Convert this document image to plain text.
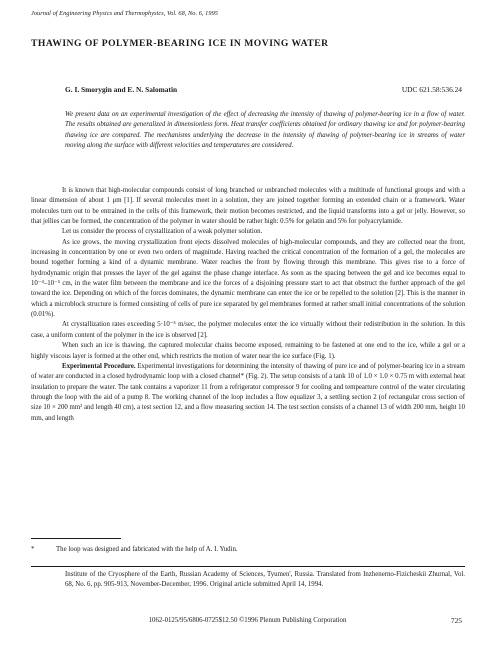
Journal of Engineering Physics and Thermophysics, Vol. 68, No. 6, 1995
THAWING OF POLYMER-BEARING ICE IN MOVING WATER
G. I. Smorygin and E. N. Salomatin	UDC 621.58:536.24
We present data on an experimental investigation of the effect of decreasing the intensity of thawing of polymer-bearing ice in a flow of water. The results obtained are generalized in dimensionless form. Heat transfer coefficients obtained for ordinary thawing ice and for polymer-bearing thawing ice are compared. The mechanisms underlying the decrease in the intensity of thawing of polymer-bearing ice in streams of water moving along the surface with different velocities and temperatures are considered.

It is known that high-molecular compounds consist of long branched or unbranched molecules with a multitude of functional groups and with a linear dimension of about 1 μm [1]. If several molecules meet in a solution, they are joined together forming an extended chain or a framework. Water molecules turn out to be entrained in the cells of this framework, their motion becomes restricted, and the liquid transforms into a gel or jelly. However, so that jellies can be formed, the concentration of the polymer in water should be rather high: 0.5% for gelatin and 5% for polyacrylamide.

Let us consider the process of crystallization of a weak polymer solution.

As ice grows, the moving crystallization front ejects dissolved molecules of high-molecular compounds, and they are collected near the front, increasing in concentration by one or even two orders of magnitude. Having reached the critical concentration of the formation of a gel, the molecules are bound together forming a kind of a dynamic membrane. Water reaches the front by flowing through this membrane. This gives rise to a force of hydrodynamic origin that presses the layer of the gel against the phase change interface. As soon as the spacing between the gel and ice becomes equal to 10⁻⁴–10⁻⁵ cm, in the water film between the membrane and ice the forces of a disjoining pressure start to act that obstruct the further approach of the gel toward the ice. Depending on which of the forces dominates, the dynamic membrane can enter the ice or be repelled to the solution [2]. This is the manner in which a microblock structure is formed consisting of cells of pure ice separated by gel membranes formed at rather small initial concentrations of the solution (0.01%).

At crystallization rates exceeding 5·10⁻⁵ m/sec, the polymer molecules enter the ice virtually without their redistribution in the solution. In this case, a uniform content of the polymer in the ice is observed [2].

When such an ice is thawing, the captured molecular chains become exposed, remaining to be fastened at one end to the ice, while a gel or a highly viscous layer is formed at the other end, which restricts the motion of water near the ice surface (Fig. 1).

Experimental Procedure. Experimental investigations for determining the intensity of thawing of pure ice and of polymer-bearing ice in a stream of water are conducted in a closed hydrodynamic loop with a closed channel* (Fig. 2). The setup consists of a tank 10 of 1.0 × 1.0 × 0.75 m with external heat insulation to prepare the water. The tank contains a vaporizer 11 from a refrigerator compressor 9 for cooling and tempearture control of the water circulating through the loop with the aid of a pump 8. The working channel of the loop includes a flow equalizer 3, a settling section 2 (of rectangular cross section of size 10 × 200 mm² and length 40 cm), a test section 12, and a flow measuring section 14. The test section consists of a channel 13 of width 200 mm, height 10 mm, and length

*	The loop was designed and fabricated with the help of A. I. Yudin.
Institute of the Cryosphere of the Earth, Russian Academy of Sciences, Tyumen', Russia. Translated from Inzhenerno-Fizicheskii Zhurnal, Vol. 68, No. 6, pp. 905-913, November-December, 1996. Original article submitted April 14, 1994.
1062-0125/95/6806-0725$12.50 ©1996 Plenum Publishing Corporation	725
